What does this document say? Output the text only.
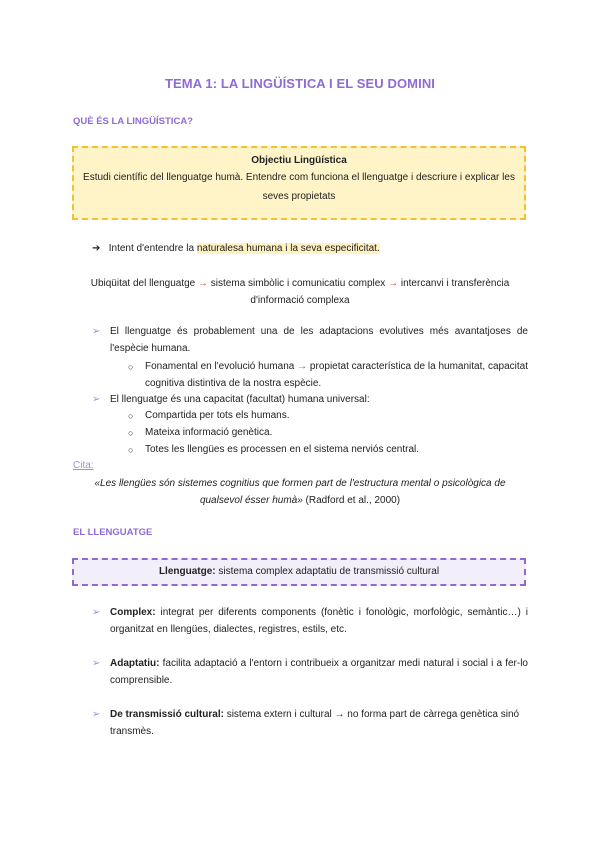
TEMA 1: LA LINGÜÍSTICA I EL SEU DOMINI
QUÈ ÉS LA LINGÜÍSTICA?
Objectiu Lingüística
Estudi científic del llenguatge humà. Entendre com funciona el llenguatge i descriure i explicar les seves propietats
➔ Intent d'entendre la naturalesa humana i la seva especificitat.
Ubiqüitat del llenguatge → sistema simbòlic i comunicatiu complex → intercanvi i transferència d'informació complexa
➢ El llenguatge és probablement una de les adaptacions evolutives més avantatjoses de l'espècie humana.
○ Fonamental en l'evolució humana → propietat característica de la humanitat, capacitat cognitiva distintiva de la nostra espècie.
➢ El llenguatge és una capacitat (facultat) humana universal:
○ Compartida per tots els humans.
○ Mateixa informació genètica.
○ Totes les llengües es processen en el sistema nerviós central.
Cita:
«Les llengües són sistemes cognitius que formen part de l'estructura mental o psicològica de qualsevol ésser humà» (Radford et al., 2000)
EL LLENGUATGE
Llenguatge: sistema complex adaptatiu de transmissió cultural
➢ Complex: integrat per diferents components (fonètic i fonològic, morfològic, semàntic…) i organitzat en llengües, dialectes, registres, estils, etc.
➢ Adaptatiu: facilita adaptació a l'entorn i contribueix a organitzar medi natural i social i a fer-lo comprensible.
➢ De transmissió cultural: sistema extern i cultural → no forma part de càrrega genètica sinó transmès.
